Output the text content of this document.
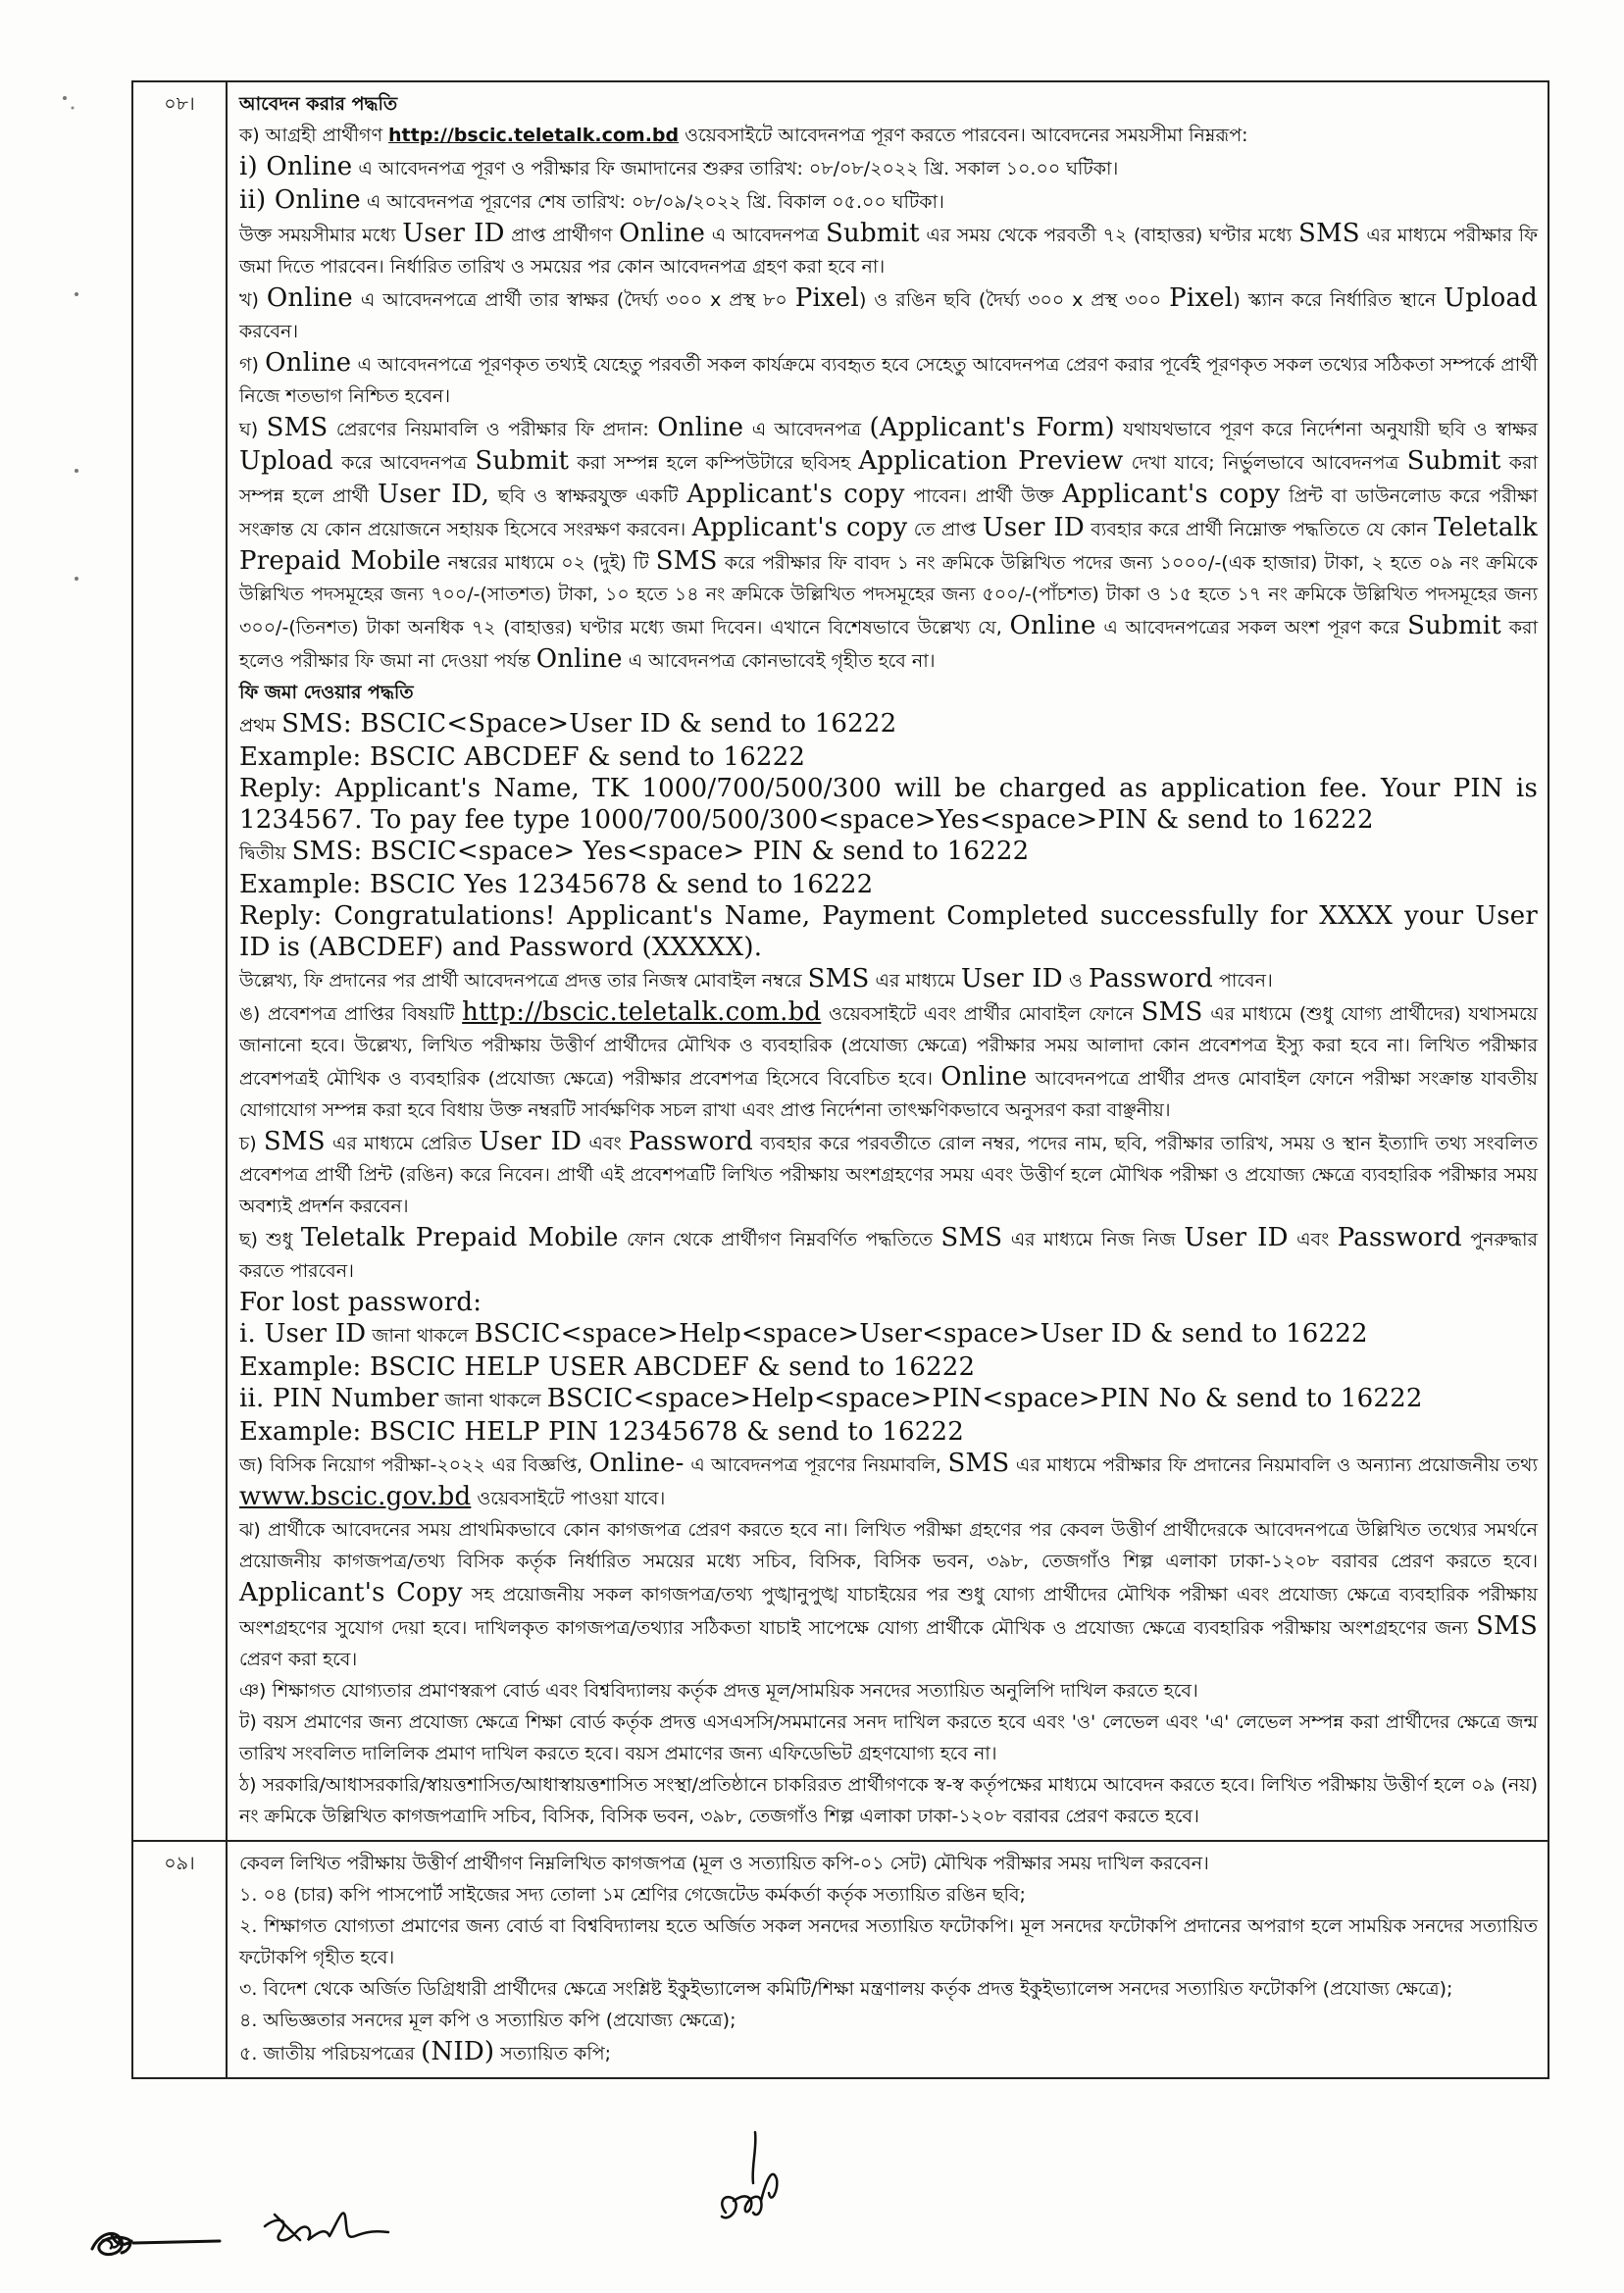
০৮।	আবেদন করার পদ্ধতি

ক) আগ্রহী প্রার্থীগণ http://bscic.teletalk.com.bd ওয়েবসাইটে আবেদনপত্র পূরণ করতে পারবেন। আবেদনের সময়সীমা নিম্নরূপ:

i) Online এ আবেদনপত্র পূরণ ও পরীক্ষার ফি জমাদানের শুরুর তারিখ: ০৮/০৮/২০২২ খ্রি. সকাল ১০.০০ ঘটিকা।

ii) Online এ আবেদনপত্র পূরণের শেষ তারিখ: ০৮/০৯/২০২২ খ্রি. বিকাল ০৫.০০ ঘটিকা।

উক্ত সময়সীমার মধ্যে User ID প্রাপ্ত প্রার্থীগণ Online এ আবেদনপত্র Submit এর সময় থেকে পরবর্তী ৭২ (বাহাত্তর) ঘণ্টার মধ্যে SMS এর মাধ্যমে পরীক্ষার ফি জমা দিতে পারবেন। নির্ধারিত তারিখ ও সময়ের পর কোন আবেদনপত্র গ্রহণ করা হবে না।

খ) Online এ আবেদনপত্রে প্রার্থী তার স্বাক্ষর (দৈর্ঘ্য ৩০০ x প্রস্থ ৮০ Pixel) ও রঙিন ছবি (দৈর্ঘ্য ৩০০ x প্রস্থ ৩০০ Pixel) স্ক্যান করে নির্ধারিত স্থানে Upload করবেন।

গ) Online এ আবেদনপত্রে পূরণকৃত তথ্যই যেহেতু পরবর্তী সকল কার্যক্রমে ব্যবহৃত হবে সেহেতু আবেদনপত্র প্রেরণ করার পূর্বেই পূরণকৃত সকল তথ্যের সঠিকতা সম্পর্কে প্রার্থী নিজে শতভাগ নিশ্চিত হবেন।

ঘ) SMS প্রেরণের নিয়মাবলি ও পরীক্ষার ফি প্রদান: Online এ আবেদনপত্র (Applicant's Form) যথাযথভাবে পূরণ করে নির্দেশনা অনুযায়ী ছবি ও স্বাক্ষর Upload করে আবেদনপত্র Submit করা সম্পন্ন হলে কম্পিউটারে ছবিসহ Application Preview দেখা যাবে; নির্ভুলভাবে আবেদনপত্র Submit করা সম্পন্ন হলে প্রার্থী User ID, ছবি ও স্বাক্ষরযুক্ত একটি Applicant's copy পাবেন। প্রার্থী উক্ত Applicant's copy প্রিন্ট বা ডাউনলোড করে পরীক্ষা সংক্রান্ত যে কোন প্রয়োজনে সহায়ক হিসেবে সংরক্ষণ করবেন। Applicant's copy তে প্রাপ্ত User ID ব্যবহার করে প্রার্থী নিম্নোক্ত পদ্ধতিতে যে কোন Teletalk Prepaid Mobile নম্বরের মাধ্যমে ০২ (দুই) টি SMS করে পরীক্ষার ফি বাবদ ১ নং ক্রমিকে উল্লিখিত পদের জন্য ১০০০/-(এক হাজার) টাকা, ২ হতে ০৯ নং ক্রমিকে উল্লিখিত পদসমূহের জন্য ৭০০/-(সাতশত) টাকা, ১০ হতে ১৪ নং ক্রমিকে উল্লিখিত পদসমূহের জন্য ৫০০/-(পাঁচশত) টাকা ও ১৫ হতে ১৭ নং ক্রমিকে উল্লিখিত পদসমূহের জন্য ৩০০/-(তিনশত) টাকা অনধিক ৭২ (বাহাত্তর) ঘণ্টার মধ্যে জমা দিবেন। এখানে বিশেষভাবে উল্লেখ্য যে, Online এ আবেদনপত্রের সকল অংশ পূরণ করে Submit করা হলেও পরীক্ষার ফি জমা না দেওয়া পর্যন্ত Online এ আবেদনপত্র কোনভাবেই গৃহীত হবে না।

ফি জমা দেওয়ার পদ্ধতি

প্রথম SMS: BSCIC<Space>User ID & send to 16222

Example: BSCIC ABCDEF & send to 16222

Reply: Applicant's Name, TK 1000/700/500/300 will be charged as application fee. Your PIN is 1234567. To pay fee type 1000/700/500/300<space>Yes<space>PIN & send to 16222

দ্বিতীয় SMS: BSCIC<space> Yes<space> PIN & send to 16222

Example: BSCIC Yes 12345678 & send to 16222

Reply: Congratulations! Applicant's Name, Payment Completed successfully for XXXX your User ID is (ABCDEF) and Password (XXXXX).

উল্লেখ্য, ফি প্রদানের পর প্রার্থী আবেদনপত্রে প্রদত্ত তার নিজস্ব মোবাইল নম্বরে SMS এর মাধ্যমে User ID ও Password পাবেন।

ঙ) প্রবেশপত্র প্রাপ্তির বিষয়টি http://bscic.teletalk.com.bd ওয়েবসাইটে এবং প্রার্থীর মোবাইল ফোনে SMS এর মাধ্যমে (শুধু যোগ্য প্রার্থীদের) যথাসময়ে জানানো হবে। উল্লেখ্য, লিখিত পরীক্ষায় উত্তীর্ণ প্রার্থীদের মৌখিক ও ব্যবহারিক (প্রযোজ্য ক্ষেত্রে) পরীক্ষার সময় আলাদা কোন প্রবেশপত্র ইস্যু করা হবে না। লিখিত পরীক্ষার প্রবেশপত্রই মৌখিক ও ব্যবহারিক (প্রযোজ্য ক্ষেত্রে) পরীক্ষার প্রবেশপত্র হিসেবে বিবেচিত হবে। Online আবেদনপত্রে প্রার্থীর প্রদত্ত মোবাইল ফোনে পরীক্ষা সংক্রান্ত যাবতীয় যোগাযোগ সম্পন্ন করা হবে বিধায় উক্ত নম্বরটি সার্বক্ষণিক সচল রাখা এবং প্রাপ্ত নির্দেশনা তাৎক্ষণিকভাবে অনুসরণ করা বাঞ্ছনীয়।

চ) SMS এর মাধ্যমে প্রেরিত User ID এবং Password ব্যবহার করে পরবর্তীতে রোল নম্বর, পদের নাম, ছবি, পরীক্ষার তারিখ, সময় ও স্থান ইত্যাদি তথ্য সংবলিত প্রবেশপত্র প্রার্থী প্রিন্ট (রঙিন) করে নিবেন। প্রার্থী এই প্রবেশপত্রটি লিখিত পরীক্ষায় অংশগ্রহণের সময় এবং উত্তীর্ণ হলে মৌখিক পরীক্ষা ও প্রযোজ্য ক্ষেত্রে ব্যবহারিক পরীক্ষার সময় অবশ্যই প্রদর্শন করবেন।

ছ) শুধু Teletalk Prepaid Mobile ফোন থেকে প্রার্থীগণ নিম্নবর্ণিত পদ্ধতিতে SMS এর মাধ্যমে নিজ নিজ User ID এবং Password পুনরুদ্ধার করতে পারবেন।

For lost password:

i. User ID জানা থাকলে BSCIC<space>Help<space>User<space>User ID & send to 16222

Example: BSCIC HELP USER ABCDEF & send to 16222

ii. PIN Number জানা থাকলে BSCIC<space>Help<space>PIN<space>PIN No & send to 16222

Example: BSCIC HELP PIN 12345678 & send to 16222

জ) বিসিক নিয়োগ পরীক্ষা-২০২২ এর বিজ্ঞপ্তি, Online- এ আবেদনপত্র পূরণের নিয়মাবলি, SMS এর মাধ্যমে পরীক্ষার ফি প্রদানের নিয়মাবলি ও অন্যান্য প্রয়োজনীয় তথ্য www.bscic.gov.bd ওয়েবসাইটে পাওয়া যাবে।

ঝ) প্রার্থীকে আবেদনের সময় প্রাথমিকভাবে কোন কাগজপত্র প্রেরণ করতে হবে না। লিখিত পরীক্ষা গ্রহণের পর কেবল উত্তীর্ণ প্রার্থীদেরকে আবেদনপত্রে উল্লিখিত তথ্যের সমর্থনে প্রয়োজনীয় কাগজপত্র/তথ্য বিসিক কর্তৃক নির্ধারিত সময়ের মধ্যে সচিব, বিসিক, বিসিক ভবন, ৩৯৮, তেজগাঁও শিল্প এলাকা ঢাকা-১২০৮ বরাবর প্রেরণ করতে হবে। Applicant's Copy সহ প্রয়োজনীয় সকল কাগজপত্র/তথ্য পুঙ্খানুপুঙ্খ যাচাইয়ের পর শুধু যোগ্য প্রার্থীদের মৌখিক পরীক্ষা এবং প্রযোজ্য ক্ষেত্রে ব্যবহারিক পরীক্ষায় অংশগ্রহণের সুযোগ দেয়া হবে। দাখিলকৃত কাগজপত্র/তথ্যার সঠিকতা যাচাই সাপেক্ষে যোগ্য প্রার্থীকে মৌখিক ও প্রযোজ্য ক্ষেত্রে ব্যবহারিক পরীক্ষায় অংশগ্রহণের জন্য SMS প্রেরণ করা হবে।

ঞ) শিক্ষাগত যোগ্যতার প্রমাণস্বরূপ বোর্ড এবং বিশ্ববিদ্যালয় কর্তৃক প্রদত্ত মূল/সাময়িক সনদের সত্যায়িত অনুলিপি দাখিল করতে হবে।

ট) বয়স প্রমাণের জন্য প্রযোজ্য ক্ষেত্রে শিক্ষা বোর্ড কর্তৃক প্রদত্ত এসএসসি/সমমানের সনদ দাখিল করতে হবে এবং 'ও' লেভেল এবং 'এ' লেভেল সম্পন্ন করা প্রার্থীদের ক্ষেত্রে জন্ম তারিখ সংবলিত দালিলিক প্রমাণ দাখিল করতে হবে। বয়স প্রমাণের জন্য এফিডেভিট গ্রহণযোগ্য হবে না।

ঠ) সরকারি/আধাসরকারি/স্বায়ত্তশাসিত/আধাস্বায়ত্তশাসিত সংস্থা/প্রতিষ্ঠানে চাকরিরত প্রার্থীগণকে স্ব-স্ব কর্তৃপক্ষের মাধ্যমে আবেদন করতে হবে। লিখিত পরীক্ষায় উত্তীর্ণ হলে ০৯ (নয়) নং ক্রমিকে উল্লিখিত কাগজপত্রাদি সচিব, বিসিক, বিসিক ভবন, ৩৯৮, তেজগাঁও শিল্প এলাকা ঢাকা-১২০৮ বরাবর প্রেরণ করতে হবে।

০৯।	কেবল লিখিত পরীক্ষায় উত্তীর্ণ প্রার্থীগণ নিম্নলিখিত কাগজপত্র (মূল ও সত্যায়িত কপি-০১ সেট) মৌখিক পরীক্ষার সময় দাখিল করবেন।

১. ০৪ (চার) কপি পাসপোর্ট সাইজের সদ্য তোলা ১ম শ্রেণির গেজেটেড কর্মকর্তা কর্তৃক সত্যায়িত রঙিন ছবি;

২. শিক্ষাগত যোগ্যতা প্রমাণের জন্য বোর্ড বা বিশ্ববিদ্যালয় হতে অর্জিত সকল সনদের সত্যায়িত ফটোকপি। মূল সনদের ফটোকপি প্রদানের অপরাগ হলে সাময়িক সনদের সত্যায়িত ফটোকপি গৃহীত হবে।

৩. বিদেশ থেকে অর্জিত ডিগ্রিধারী প্রার্থীদের ক্ষেত্রে সংশ্লিষ্ট ইকুইভ্যালেন্স কমিটি/শিক্ষা মন্ত্রণালয় কর্তৃক প্রদত্ত ইকুইভ্যালেন্স সনদের সত্যায়িত ফটোকপি (প্রযোজ্য ক্ষেত্রে);

৪. অভিজ্ঞতার সনদের মূল কপি ও সত্যায়িত কপি (প্রযোজ্য ক্ষেত্রে);

৫. জাতীয় পরিচয়পত্রের (NID) সত্যায়িত কপি;
